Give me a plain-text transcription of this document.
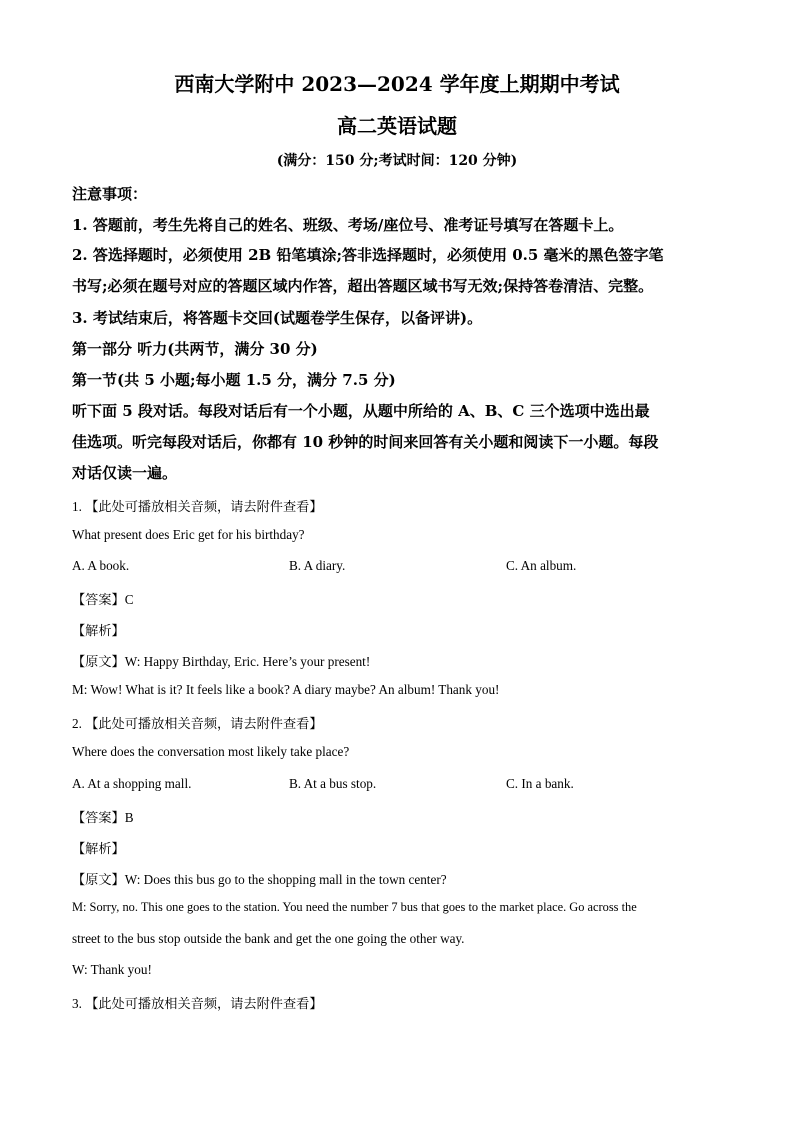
西南大学附中 2023—2024 学年度上期期中考试
高二英语试题
(满分：150 分;考试时间：120 分钟)
注意事项：
1. 答题前，考生先将自己的姓名、班级、考场/座位号、准考证号填写在答题卡上。
2. 答选择题时，必须使用 2B 铅笔填涂;答非选择题时，必须使用 0.5 毫米的黑色签字笔
书写;必须在题号对应的答题区域内作答，超出答题区域书写无效;保持答卷清洁、完整。
3. 考试结束后，将答题卡交回(试题卷学生保存，以备评讲)。
第一部分 听力(共两节，满分 30 分)
第一节(共 5 小题;每小题 1.5 分，满分 7.5 分)
听下面 5 段对话。每段对话后有一个小题，从题中所给的 A、B、C 三个选项中选出最
佳选项。听完每段对话后，你都有 10 秒钟的时间来回答有关小题和阅读下一小题。每段
对话仅读一遍。
1. 【此处可播放相关音频，请去附件查看】
What present does Eric get for his birthday?
A. A book.	B. A diary.	C. An album.
【答案】C
【解析】
【原文】W: Happy Birthday, Eric. Here’s your present!
M: Wow! What is it? It feels like a book? A diary maybe? An album! Thank you!
2. 【此处可播放相关音频，请去附件查看】
Where does the conversation most likely take place?
A. At a shopping mall.	B. At a bus stop.	C. In a bank.
【答案】B
【解析】
【原文】W: Does this bus go to the shopping mall in the town center?
M: Sorry, no. This one goes to the station. You need the number 7 bus that goes to the market place. Go across the
street to the bus stop outside the bank and get the one going the other way.
W: Thank you!
3. 【此处可播放相关音频，请去附件查看】
